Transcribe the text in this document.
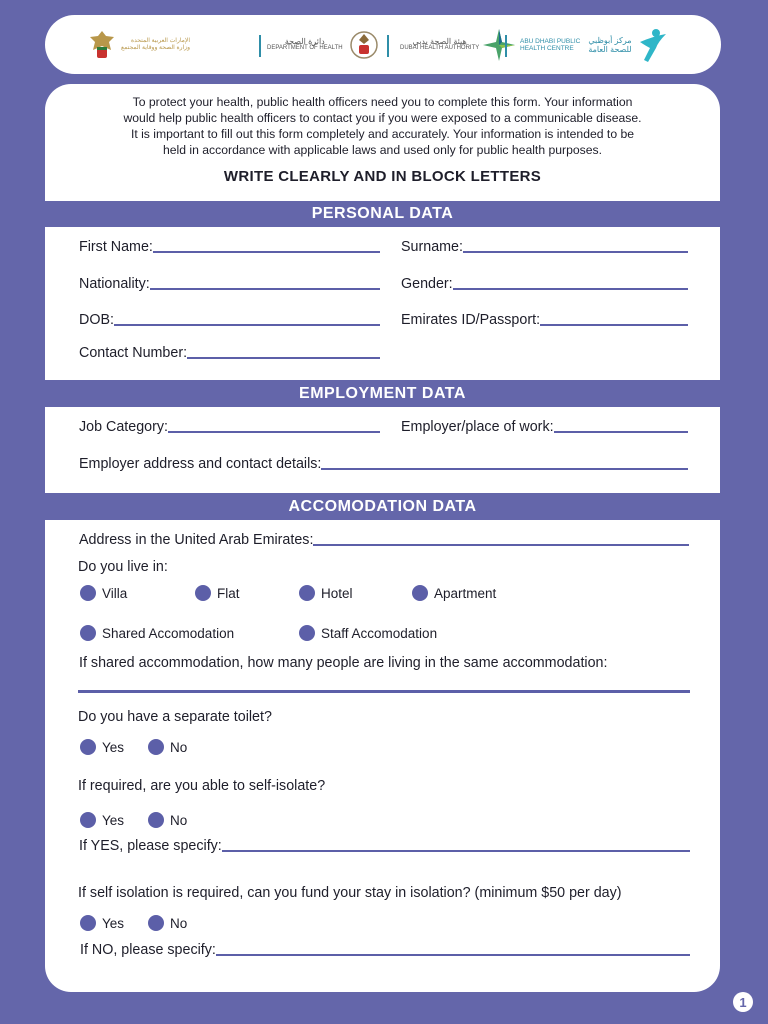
الإمارات العربية المتحدة
وزارة الصحة ووقاية المجتمع
دائرة الصحة
DEPARTMENT OF HEALTH
هيئة الصحة بدبي
DUBAI HEALTH AUTHORITY
ABU DHABI PUBLIC
HEALTH CENTRE
مركز أبوظبي
للصحة العامة
To protect your health, public health officers need you to complete this form. Your information
would help public health officers to contact you if you were exposed to a communicable disease.
It is important to fill out this form completely and accurately. Your information is intended to be
held in accordance with applicable laws and used only for public health purposes.
WRITE CLEARLY AND IN BLOCK LETTERS
PERSONAL DATA
First Name:	Surname:
Nationality:	Gender:
DOB:	Emirates ID/Passport:
Contact Number:
EMPLOYMENT DATA
Job Category:	Employer/place of work:
Employer address and contact details:
ACCOMODATION DATA
Address in the United Arab Emirates:
Do you live in:
Villa	Flat	Hotel	Apartment
Shared Accomodation	Staff Accomodation
If shared accommodation, how many people are living in the same accommodation:
Do you have a separate toilet?
Yes	No
If required, are you able to self-isolate?
Yes	No
If YES, please specify:
If self isolation is required, can you fund your stay in isolation? (minimum $50 per day)
Yes	No
If NO, please specify:
1
